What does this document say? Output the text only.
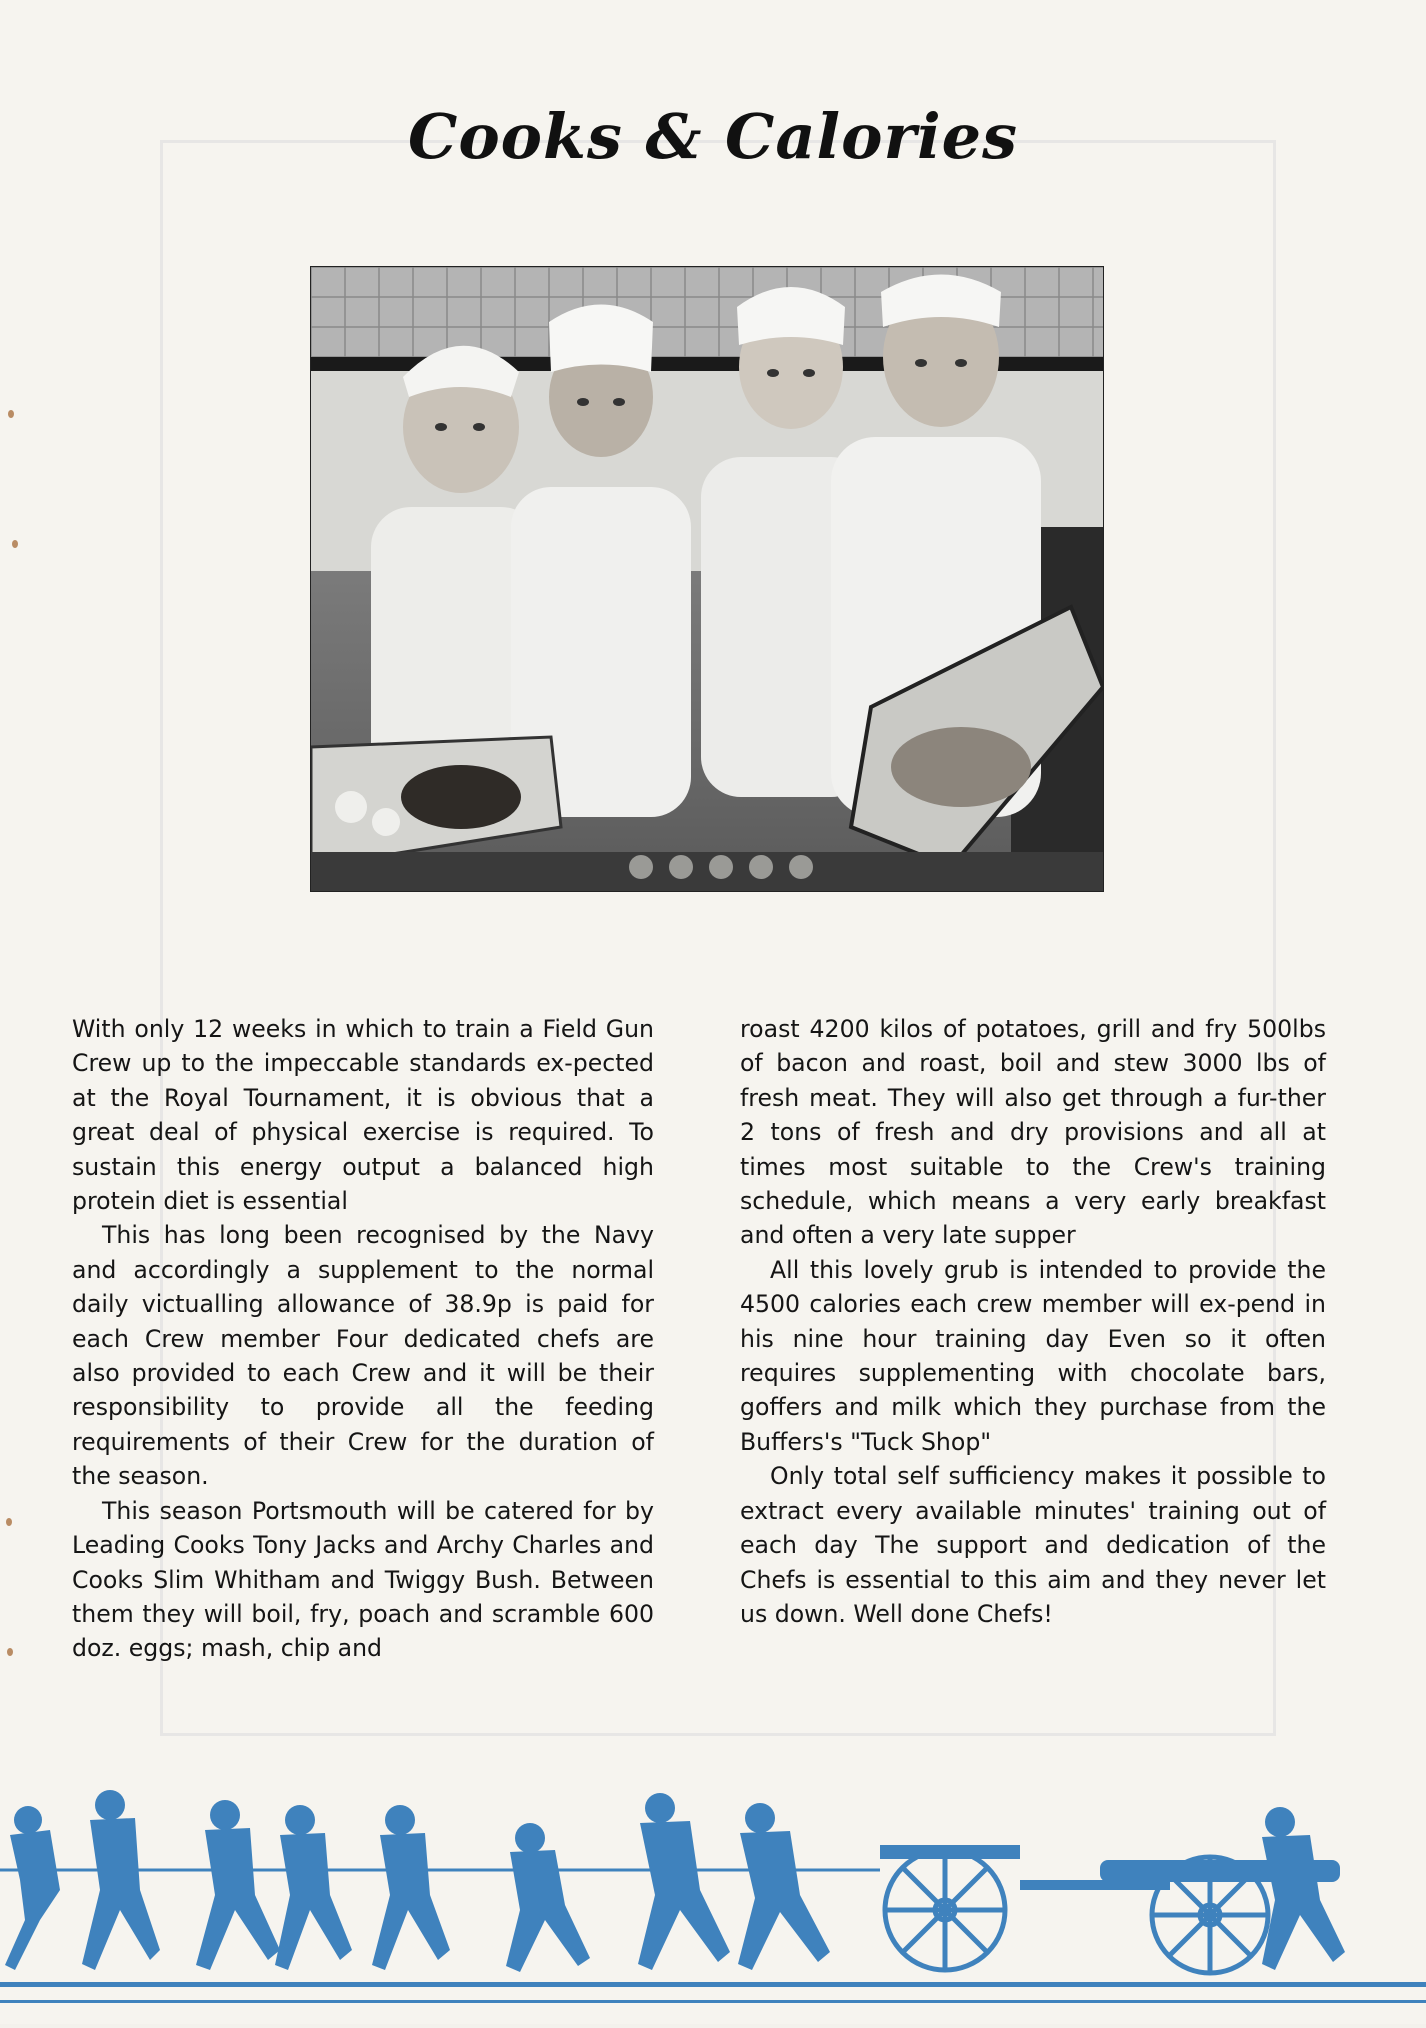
Cooks & Calories

With only 12 weeks in which to train a Field Gun Crew up to the impeccable standards ex-pected at the Royal Tournament, it is obvious that a great deal of physical exercise is required. To sustain this energy output a balanced high protein diet is essential

This has long been recognised by the Navy and accordingly a supplement to the normal daily victualling allowance of 38.9p is paid for each Crew member Four dedicated chefs are also provided to each Crew and it will be their responsibility to provide all the feeding requirements of their Crew for the duration of the season.

This season Portsmouth will be catered for by Leading Cooks Tony Jacks and Archy Charles and Cooks Slim Whitham and Twiggy Bush. Between them they will boil, fry, poach and scramble 600 doz. eggs; mash, chip and

roast 4200 kilos of potatoes, grill and fry 500lbs of bacon and roast, boil and stew 3000 lbs of fresh meat. They will also get through a fur-ther 2 tons of fresh and dry provisions and all at times most suitable to the Crew's training schedule, which means a very early breakfast and often a very late supper

All this lovely grub is intended to provide the 4500 calories each crew member will ex-pend in his nine hour training day Even so it often requires supplementing with chocolate bars, goffers and milk which they purchase from the Buffers's "Tuck Shop"

Only total self sufficiency makes it possible to extract every available minutes' training out of each day The support and dedication of the Chefs is essential to this aim and they never let us down. Well done Chefs!
